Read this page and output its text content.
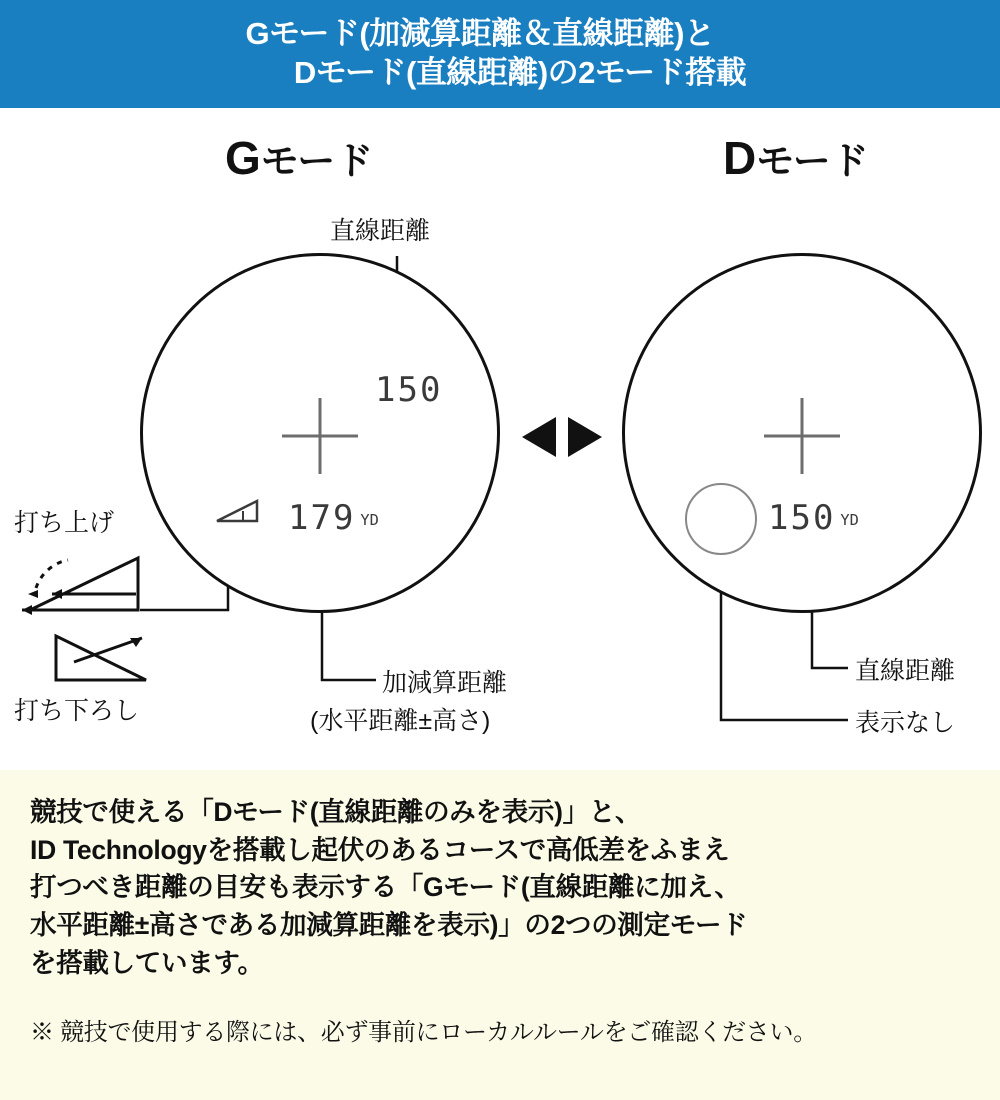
Gモード(加減算距離＆直線距離)と
Dモード(直線距離)の2モード搭載
Gモード	Dモード
150
179 YD	150 YD
直線距離
加減算距離
(水平距離±高さ)
直線距離
表示なし
打ち上げ
打ち下ろし
競技で使える「Dモード(直線距離のみを表示)」と、
ID Technologyを搭載し起伏のあるコースで高低差をふまえ
打つべき距離の目安も表示する「Gモード(直線距離に加え、
水平距離±高さである加減算距離を表示)」の2つの測定モード
を搭載しています。
※ 競技で使用する際には、必ず事前にローカルルールをご確認ください。
